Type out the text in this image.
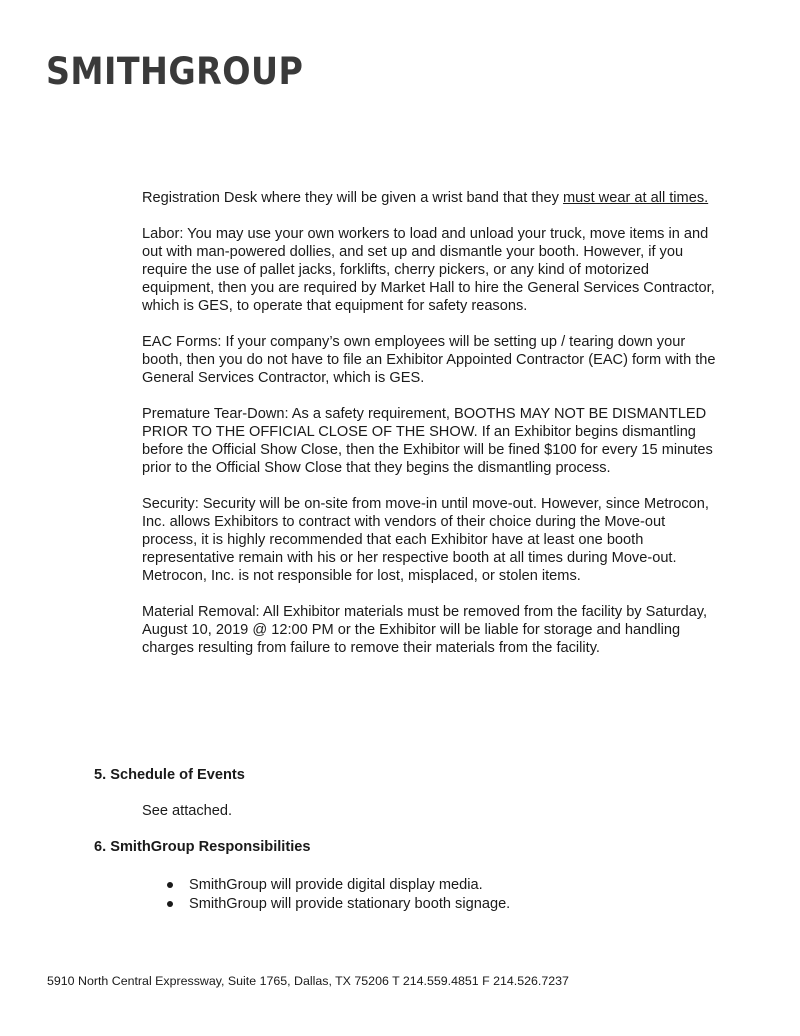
SMITHGROUP

Registration Desk where they will be given a wrist band that they must wear at all times.

Labor: You may use your own workers to load and unload your truck, move items in and out with man-powered dollies, and set up and dismantle your booth. However, if you require the use of pallet jacks, forklifts, cherry pickers, or any kind of motorized equipment, then you are required by Market Hall to hire the General Services Contractor, which is GES, to operate that equipment for safety reasons.

EAC Forms: If your company’s own employees will be setting up / tearing down your booth, then you do not have to file an Exhibitor Appointed Contractor (EAC) form with the General Services Contractor, which is GES.

Premature Tear-Down: As a safety requirement, BOOTHS MAY NOT BE DISMANTLED PRIOR TO THE OFFICIAL CLOSE OF THE SHOW. If an Exhibitor begins dismantling before the Official Show Close, then the Exhibitor will be fined $100 for every 15 minutes prior to the Official Show Close that they begins the dismantling process.

Security: Security will be on-site from move-in until move-out. However, since Metrocon, Inc. allows Exhibitors to contract with vendors of their choice during the Move-out process, it is highly recommended that each Exhibitor have at least one booth representative remain with his or her respective booth at all times during Move-out. Metrocon, Inc. is not responsible for lost, misplaced, or stolen items.

Material Removal: All Exhibitor materials must be removed from the facility by Saturday, August 10, 2019 @ 12:00 PM or the Exhibitor will be liable for storage and handling charges resulting from failure to remove their materials from the facility.

5. Schedule of Events

See attached.

6. SmithGroup Responsibilities
SmithGroup will provide digital display media.
SmithGroup will provide stationary booth signage.

5910 North Central Expressway, Suite 1765, Dallas, TX 75206 T 214.559.4851 F 214.526.7237
